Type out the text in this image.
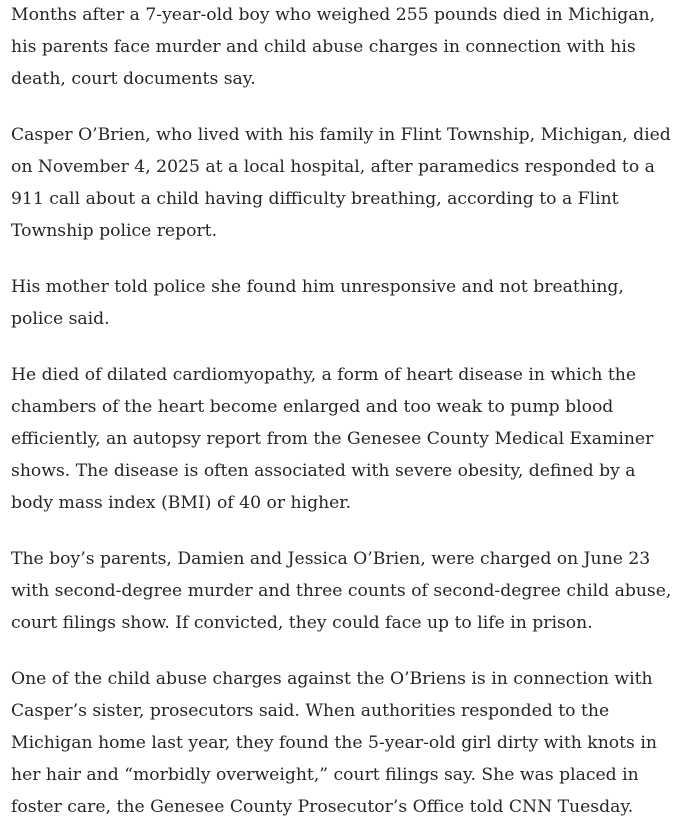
Months after a 7-year-old boy who weighed 255 pounds died in Michigan, his parents face murder and child abuse charges in connection with his death, court documents say.

Casper O’Brien, who lived with his family in Flint Township, Michigan, died on November 4, 2025 at a local hospital, after paramedics responded to a 911 call about a child having difficulty breathing, according to a Flint Township police report.

His mother told police she found him unresponsive and not breathing, police said.

He died of dilated cardiomyopathy, a form of heart disease in which the chambers of the heart become enlarged and too weak to pump blood efficiently, an autopsy report from the Genesee County Medical Examiner shows. The disease is often associated with severe obesity, defined by a body mass index (BMI) of 40 or higher.

The boy’s parents, Damien and Jessica O’Brien, were charged on June 23 with second-degree murder and three counts of second-degree child abuse, court filings show. If convicted, they could face up to life in prison.

One of the child abuse charges against the O’Briens is in connection with Casper’s sister, prosecutors said. When authorities responded to the Michigan home last year, they found the 5-year-old girl dirty with knots in her hair and “morbidly overweight,” court filings say. She was placed in foster care, the Genesee County Prosecutor’s Office told CNN Tuesday.
